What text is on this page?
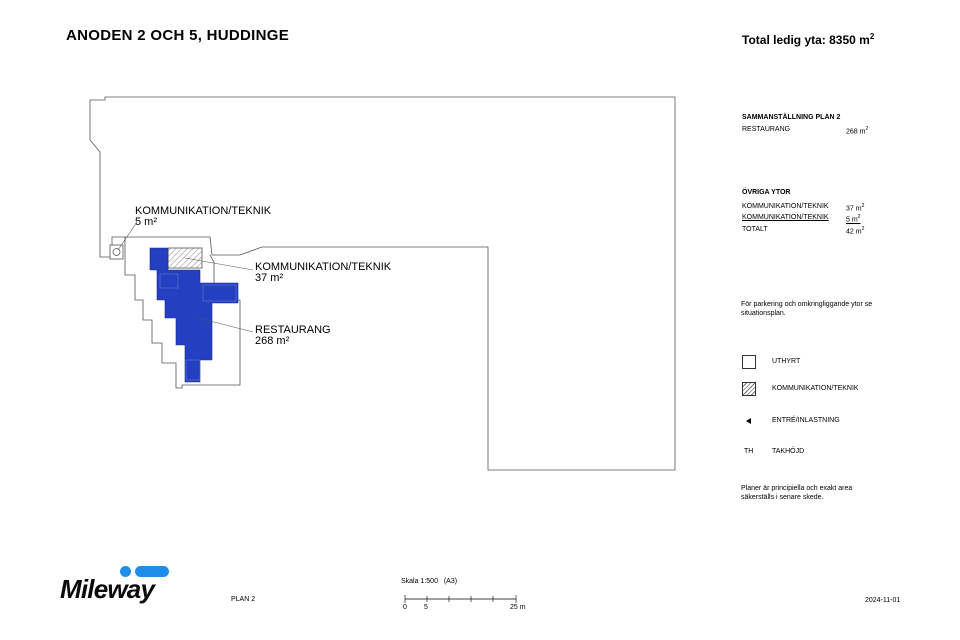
ANODEN 2 OCH 5, HUDDINGE	Total ledig yta: 8350 $m^2$
KOMMUNIKATION/TEKNIK
5 m²
KOMMUNIKATION/TEKNIK
37 m²
RESTAURANG
268 m²
SAMMANSTÄLLNING PLAN 2
RESTAURANG	268 $m^2$
ÖVRIGA YTOR
KOMMUNIKATION/TEKNIK	37 $m^2$
KOMMUNIKATION/TEKNIK	5 $m^2$
TOTALT	42 $m^2$
För parkering och omkringliggande ytor se situationsplan.
UTHYRT
KOMMUNIKATION/TEKNIK
ENTRÉ/INLASTNING
TH	TAKHÖJD
Planer är principiella och exakt area säkerställs i senare skede.
Mileway	PLAN 2
Skala 1:500 (A3)
0 5	25 m
2024-11-01
